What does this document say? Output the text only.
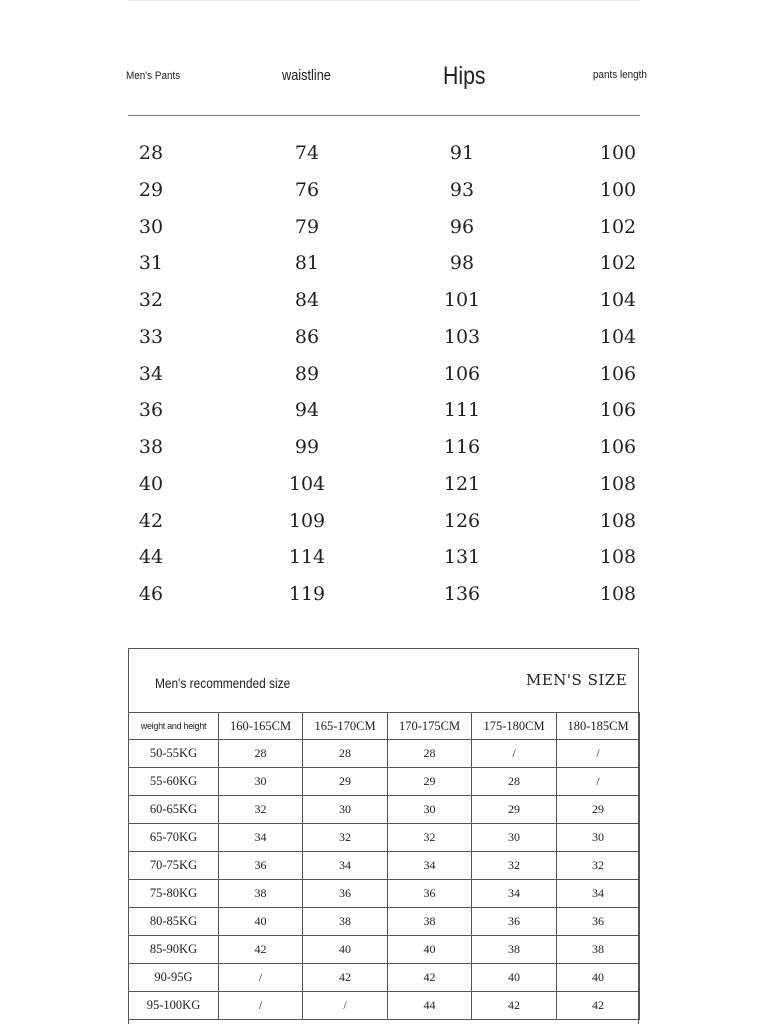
Men's Pants	waistline	Hips	pants length
28	74	91	100
29	76	93	100
30	79	96	102
31	81	98	102
32	84	101	104
33	86	103	104
34	89	106	106
36	94	111	106
38	99	116	106
40	104	121	108
42	109	126	108
44	114	131	108
46	119	136	108
Men's recommended size	MEN'S SIZE
weight and height	160-165CM	165-170CM	170-175CM	175-180CM	180-185CM
50-55KG	28	28	28	/	/
55-60KG	30	29	29	28	/
60-65KG	32	30	30	29	29
65-70KG	34	32	32	30	30
70-75KG	36	34	34	32	32
75-80KG	38	36	36	34	34
80-85KG	40	38	38	36	36
85-90KG	42	40	40	38	38
90-95G	/	42	42	40	40
95-100KG	/	/	44	42	42
